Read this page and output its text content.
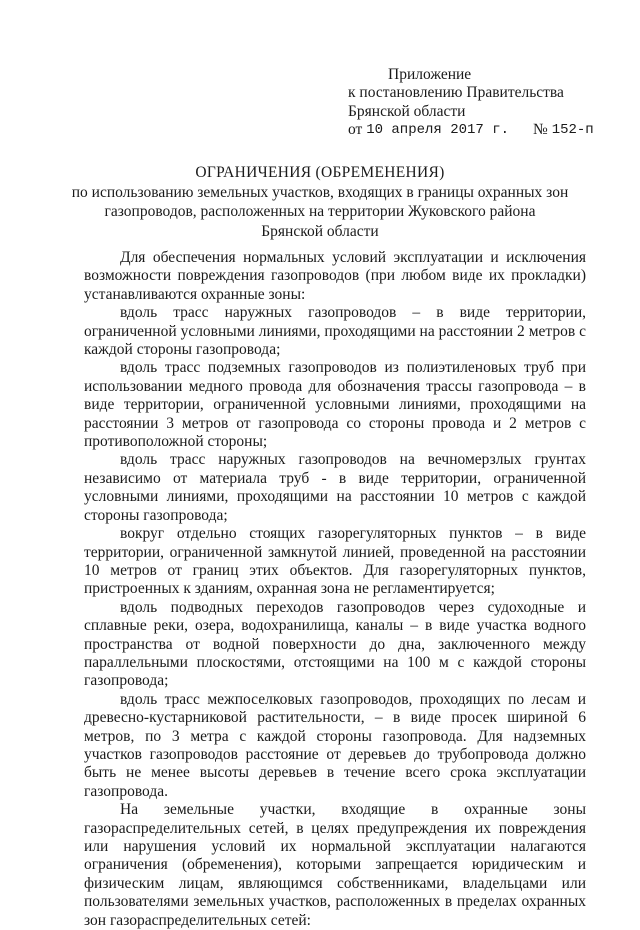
Приложение
к постановлению Правительства
Брянской области
от
10 апреля 2017 г. №
152-п
ОГРАНИЧЕНИЯ (ОБРЕМЕНЕНИЯ)
по использованию земельных участков, входящих в границы охранных зон
газопроводов, расположенных на территории Жуковского района
Брянской области

Для обеспечения нормальных условий эксплуатации и исключения возможности повреждения газопроводов (при любом виде их прокладки) устанавливаются охранные зоны:

вдоль трасс наружных газопроводов – в виде территории, ограниченной условными линиями, проходящими на расстоянии 2 метров с каждой стороны газопровода;

вдоль трасс подземных газопроводов из полиэтиленовых труб при использовании медного провода для обозначения трассы газопровода – в виде территории, ограниченной условными линиями, проходящими на расстоянии 3 метров от газопровода со стороны провода и 2 метров с противоположной стороны;

вдоль трасс наружных газопроводов на вечномерзлых грунтах независимо от материала труб - в виде территории, ограниченной условными линиями, проходящими на расстоянии 10 метров с каждой стороны газопровода;

вокруг отдельно стоящих газорегуляторных пунктов – в виде территории, ограниченной замкнутой линией, проведенной на расстоянии 10 метров от границ этих объектов. Для газорегуляторных пунктов, пристроенных к зданиям, охранная зона не регламентируется;

вдоль подводных переходов газопроводов через судоходные и сплавные реки, озера, водохранилища, каналы – в виде участка водного пространства от водной поверхности до дна, заключенного между параллельными плоскостями, отстоящими на 100 м с каждой стороны газопровода;

вдоль трасс межпоселковых газопроводов, проходящих по лесам и древесно-кустарниковой растительности, – в виде просек шириной 6 метров, по 3 метра с каждой стороны газопровода. Для надземных участков газопроводов расстояние от деревьев до трубопровода должно быть не менее высоты деревьев в течение всего срока эксплуатации газопровода.

На земельные участки, входящие в охранные зоны газораспределительных сетей, в целях предупреждения их повреждения или нарушения условий их нормальной эксплуатации налагаются ограничения (обременения), которыми запрещается юридическим и физическим лицам, являющимся собственниками, владельцами или пользователями земельных участков, расположенных в пределах охранных зон газораспределительных сетей:
